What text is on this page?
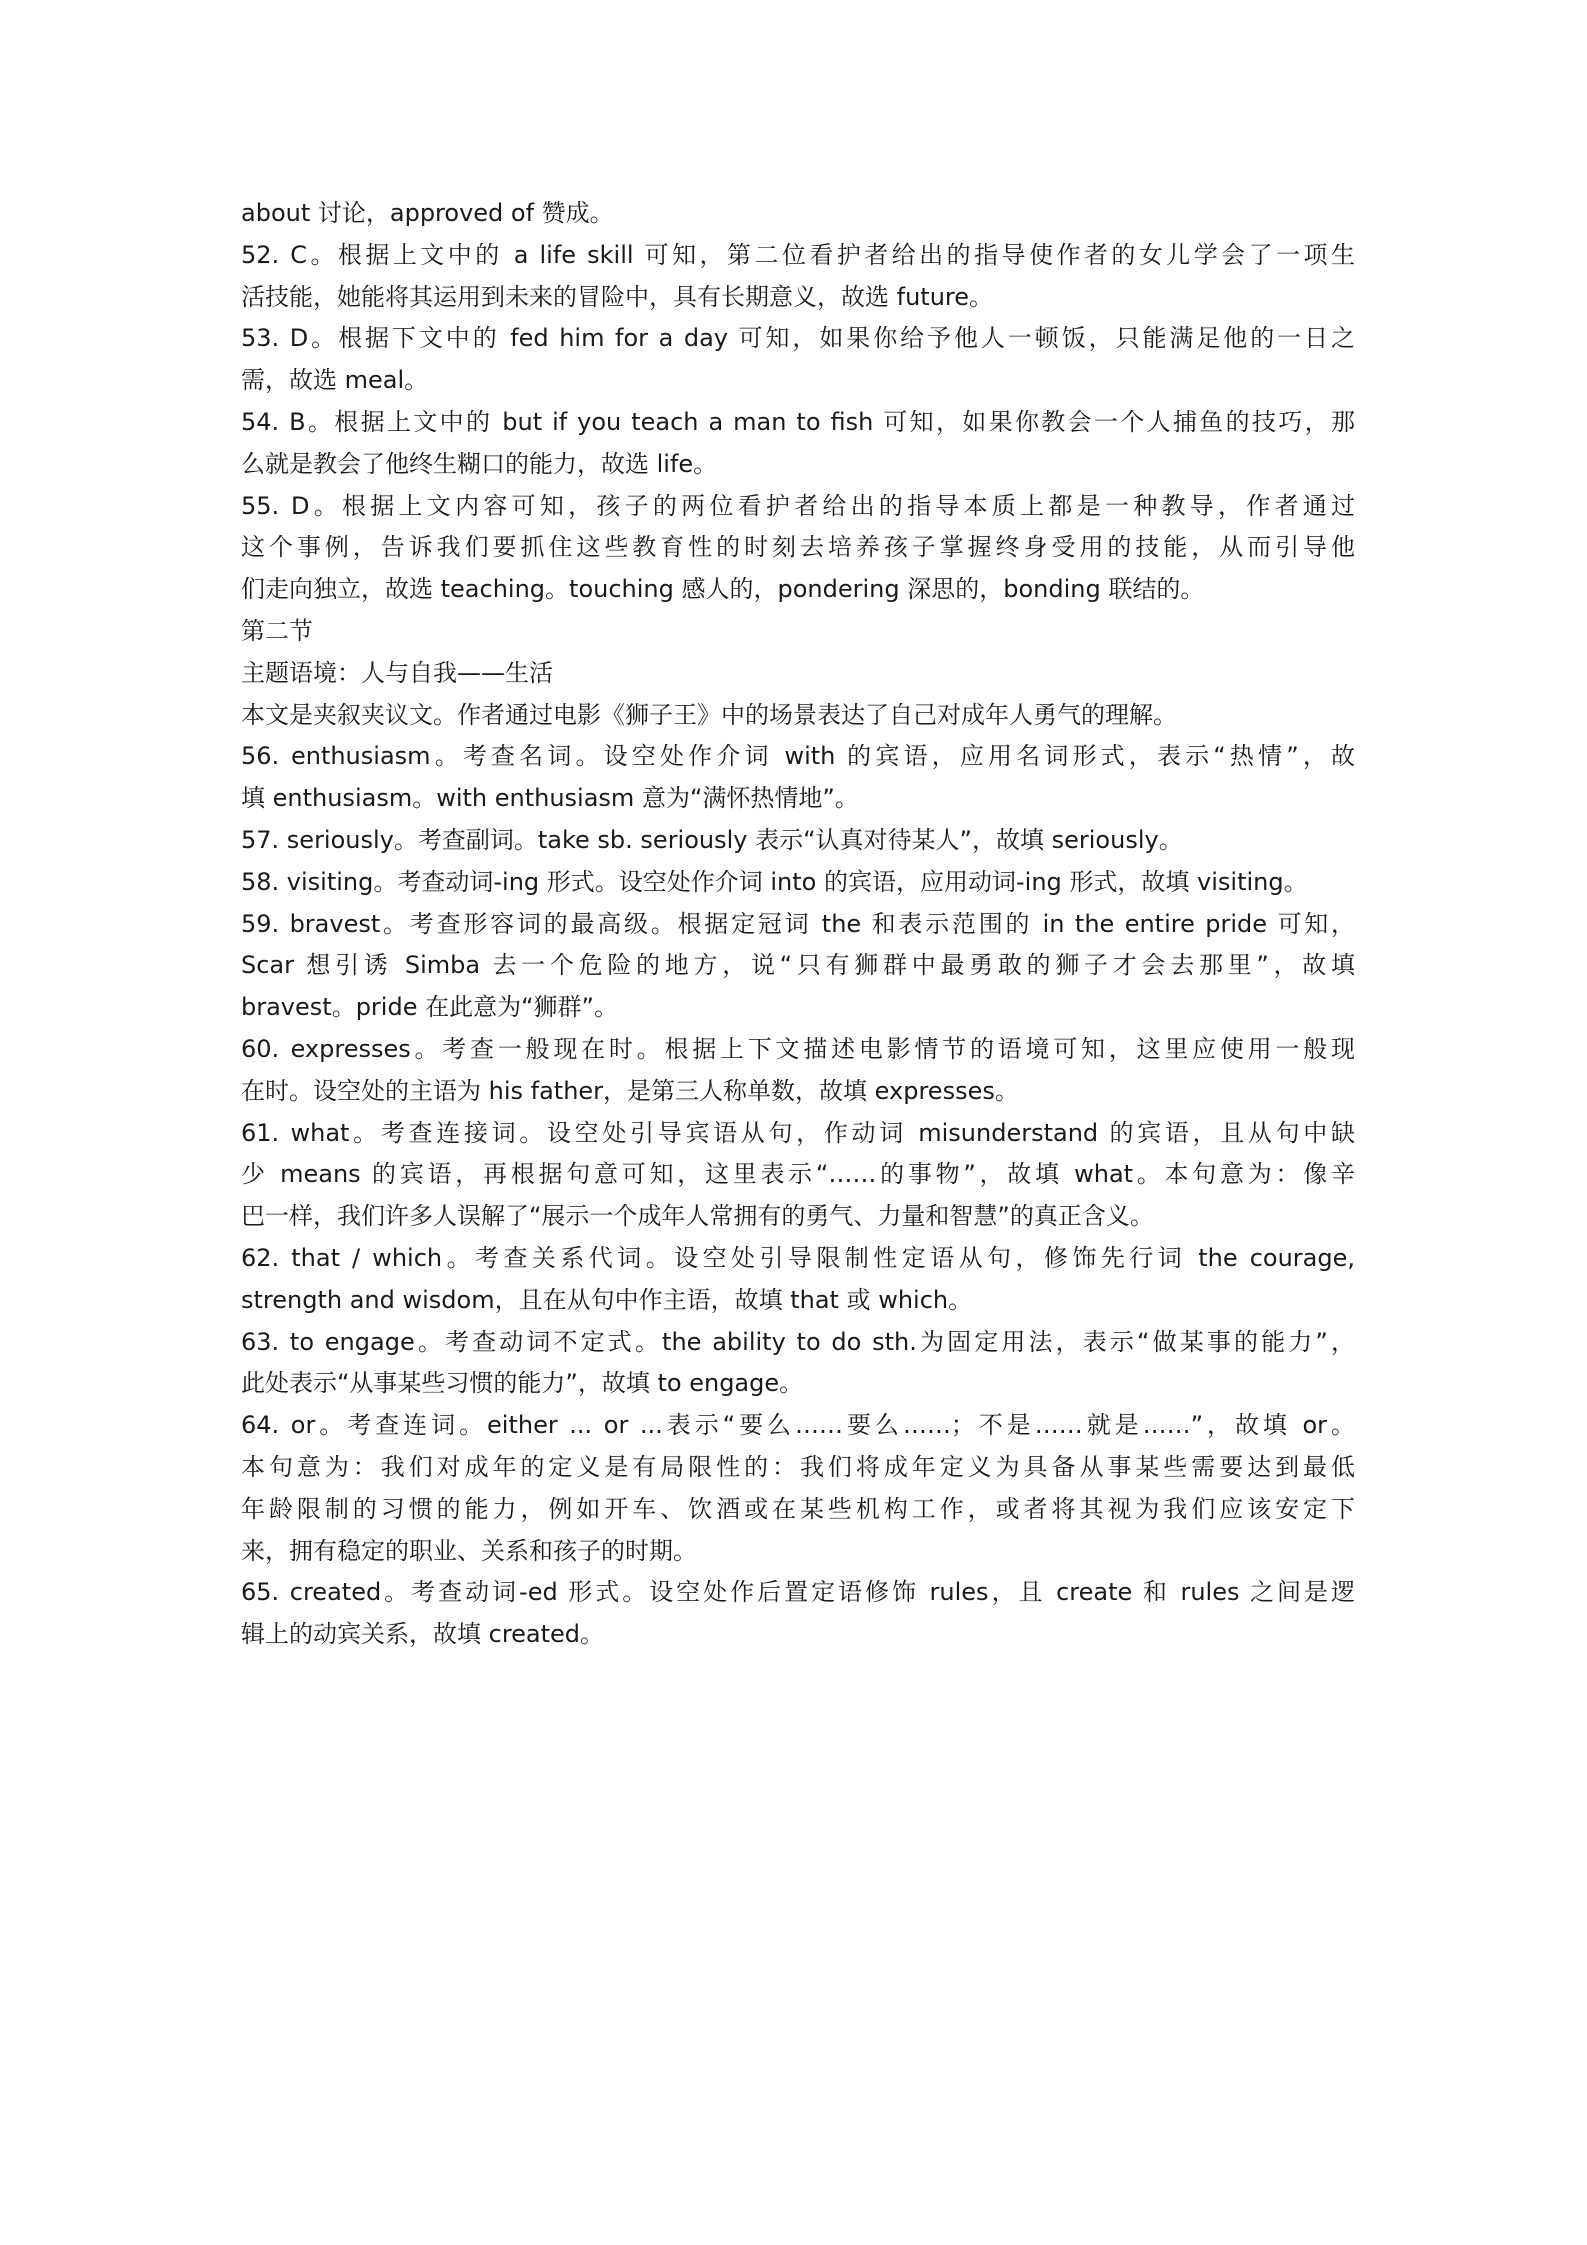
about 讨论，approved of 赞成。
52. C。根据上文中的 a life skill 可知，第二位看护者给出的指导使作者的女儿学会了一项生
活技能，她能将其运用到未来的冒险中，具有长期意义，故选 future。
53. D。根据下文中的 fed him for a day 可知，如果你给予他人一顿饭，只能满足他的一日之
需，故选 meal。
54. B。根据上文中的 but if you teach a man to fish 可知，如果你教会一个人捕鱼的技巧，那
么就是教会了他终生糊口的能力，故选 life。
55. D。根据上文内容可知，孩子的两位看护者给出的指导本质上都是一种教导，作者通过
这个事例，告诉我们要抓住这些教育性的时刻去培养孩子掌握终身受用的技能，从而引导他
们走向独立，故选 teaching。touching 感人的，pondering 深思的，bonding 联结的。
第二节
主题语境：人与自我——生活
本文是夹叙夹议文。作者通过电影《狮子王》中的场景表达了自己对成年人勇气的理解。
56. enthusiasm。考查名词。设空处作介词 with 的宾语，应用名词形式，表示“热情”，故
填 enthusiasm。with enthusiasm 意为“满怀热情地”。
57. seriously。考查副词。take sb. seriously 表示“认真对待某人”，故填 seriously。
58. visiting。考查动词-ing 形式。设空处作介词 into 的宾语，应用动词-ing 形式，故填 visiting。
59. bravest。考查形容词的最高级。根据定冠词 the 和表示范围的 in the entire pride 可知，
Scar 想引诱 Simba 去一个危险的地方，说“只有狮群中最勇敢的狮子才会去那里”，故填
bravest。pride 在此意为“狮群”。
60. expresses。考查一般现在时。根据上下文描述电影情节的语境可知，这里应使用一般现
在时。设空处的主语为 his father，是第三人称单数，故填 expresses。
61. what。考查连接词。设空处引导宾语从句，作动词 misunderstand 的宾语，且从句中缺
少 means 的宾语，再根据句意可知，这里表示“……的事物”，故填 what。本句意为：像辛
巴一样，我们许多人误解了“展示一个成年人常拥有的勇气、力量和智慧”的真正含义。
62. that / which。考查关系代词。设空处引导限制性定语从句，修饰先行词 the courage,
strength and wisdom，且在从句中作主语，故填 that 或 which。
63. to engage。考查动词不定式。the ability to do sth.为固定用法，表示“做某事的能力”，
此处表示“从事某些习惯的能力”，故填 to engage。
64. or。考查连词。either ... or ...表示“要么……要么……；不是……就是……”，故填 or。
本句意为：我们对成年的定义是有局限性的：我们将成年定义为具备从事某些需要达到最低
年龄限制的习惯的能力，例如开车、饮酒或在某些机构工作，或者将其视为我们应该安定下
来，拥有稳定的职业、关系和孩子的时期。
65. created。考查动词-ed 形式。设空处作后置定语修饰 rules，且 create 和 rules 之间是逻
辑上的动宾关系，故填 created。
